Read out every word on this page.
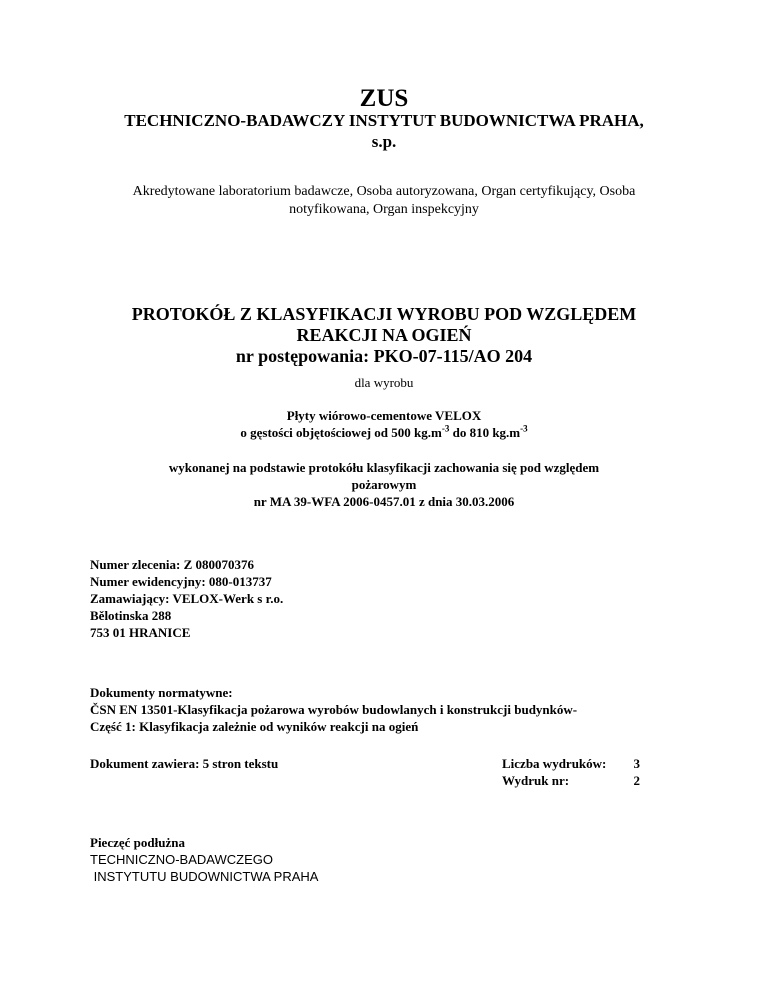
ZUS
TECHNICZNO-BADAWCZY INSTYTUT BUDOWNICTWA PRAHA,
s.p.
Akredytowane laboratorium badawcze, Osoba autoryzowana, Organ certyfikujący, Osoba
notyfikowana, Organ inspekcyjny
PROTOKÓŁ Z KLASYFIKACJI WYROBU POD WZGLĘDEM
REAKCJI NA OGIEŃ
nr postępowania: PKO-07-115/AO 204
dla wyrobu
Płyty wiórowo-cementowe VELOX
o gęstości objętościowej od 500 $kg.m^{-3}$ do 810 $kg.m^{-3}$
wykonanej na podstawie protokółu klasyfikacji zachowania się pod względem
pożarowym
nr MA 39-WFA 2006-0457.01 z dnia 30.03.2006
Numer zlecenia: Z 080070376
Numer ewidencyjny: 080-013737
Zamawiający: VELOX-Werk s r.o.
Bělotinska 288
753 01 HRANICE
Dokumenty normatywne:
ČSN EN 13501-Klasyfikacja pożarowa wyrobów budowlanych i konstrukcji budynków-
Część 1: Klasyfikacja zależnie od wyników reakcji na ogień
Dokument zawiera: 5 stron tekstu	Liczba wydruków: 3
Wydruk nr:	2
Pieczęć podłużna
TECHNICZNO-BADAWCZEGO
INSTYTUTU BUDOWNICTWA PRAHA
